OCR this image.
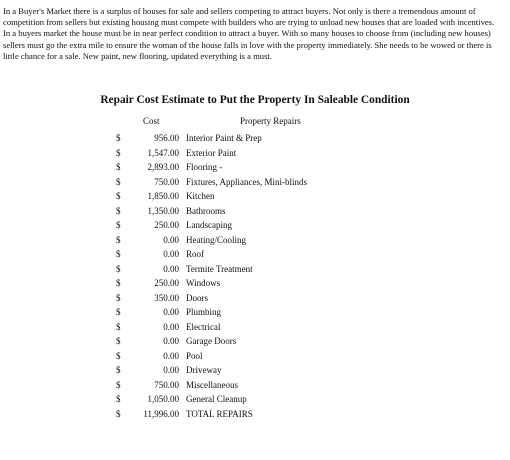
In a Buyer's Market there is a surplus of houses for sale and sellers competing to attract buyers. Not only is there a tremendous amount of competition from sellers but existing housing must compete with builders who are trying to unload new houses that are loaded with incentives. In a buyers market the house must be in near perfect condition to attract a buyer. With so many houses to choose from (including new houses) sellers must go the extra mile to ensure the woman of the house falls in love with the property immediately. She needs to be wowed or there is little chance for a sale. New paint, new flooring, updated everything is a must.

Repair Cost Estimate to Put the Property In Saleable Condition
Cost	Property Repairs
$	956.00 Interior Paint & Prep
$	1,547.00 Exterior Paint
$	2,893.00 Flooring -
$	750.00 Fixtures, Appliances, Mini-blinds
$	1,850.00 Kitchen
$	1,350.00 Bathrooms
$	250.00 Landscaping
$	0.00 Heating/Cooling
$	0.00 Roof
$	0.00 Termite Treatment
$	250.00 Windows
$	350.00 Doors
$	0.00 Plumbing
$	0.00 Electrical
$	0.00 Garage Doors
$	0.00 Pool
$	0.00 Driveway
$	750.00 Miscellaneous
$	1,050.00 General Cleanup
$	11,996.00 TOTAL REPAIRS
